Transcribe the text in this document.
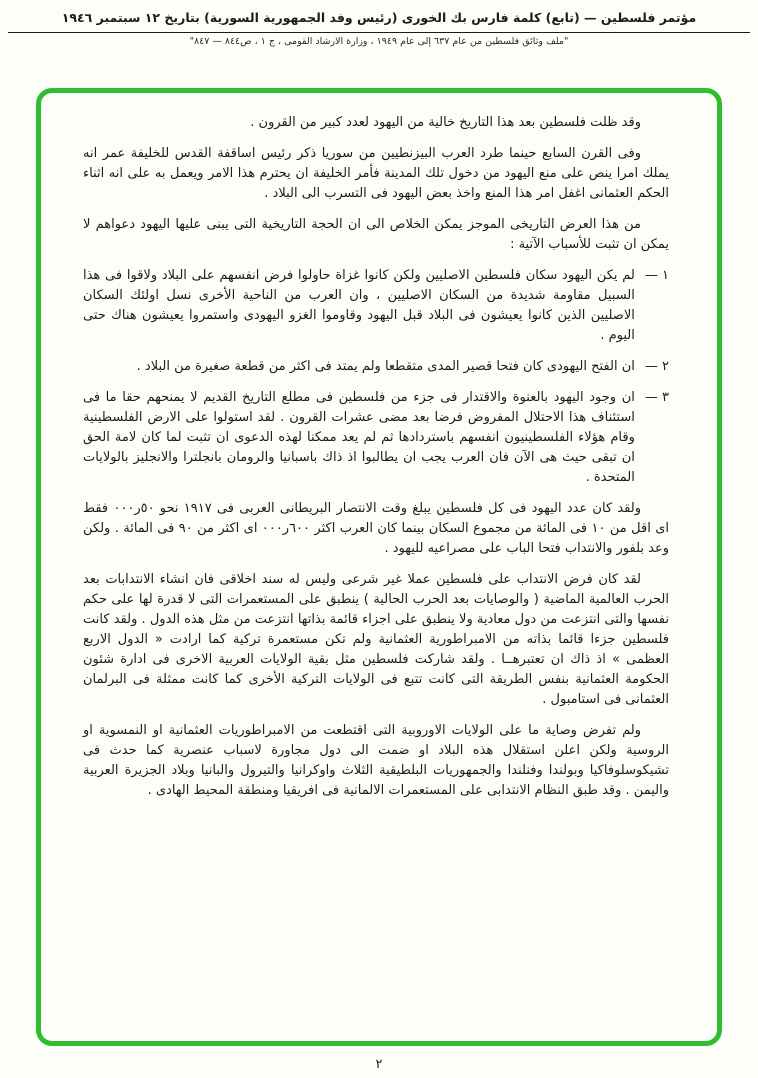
مؤتمر فلسطين — (تابع) كلمة فارس بك الخورى (رئيس وفد الجمهورية السورية) بتاريخ ١٢ سبتمبر ١٩٤٦
"ملف وثائق فلسطين من عام ٦٣٧ إلى عام ١٩٤٩ ، وزارة الارشاد القومى ، ج ١ ، ص٨٤٤ — ٨٤٧"

وقد ظلت فلسطين بعد هذا التاريخ خالية من اليهود لعدد كبير من القرون .

وفى القرن السابع حينما طرد العرب البيزنطيين من سوريا ذكر رئيس اساقفة القدس للخليفة عمر انه يملك امرا ينص على منع اليهود من دخول تلك المدينة فأمر الخليفة ان يحترم هذا الامر ويعمل به على انه اثناء الحكم العثمانى اغفل امر هذا المنع واخذ بعض اليهود فى التسرب الى البلاد .

من هذا العرض التاريخى الموجز يمكن الخلاص الى ان الحجة التاريخية التى يبنى عليها اليهود دعواهم لا يمكن ان تثبت للأسباب الآتية :

١ —
لم يكن اليهود سكان فلسطين الاصليين ولكن كانوا غزاة حاولوا فرض انفسهم على البلاد ولاقوا فى هذا السبيل مقاومة شديدة من السكان الاصليين ، وان العرب من الناحية الأخرى نسل اولئك السكان الاصليين الذين كانوا يعيشون فى البلاد قبل اليهود وقاوموا الغزو اليهودى واستمروا يعيشون هناك حتى اليوم .
٢ —
ان الفتح اليهودى كان فتحا قصير المدى متقطعا ولم يمتد فى اكثر من قطعة صغيرة من البلاد .
٣ —
ان وجود اليهود بالعنوة والاقتدار فى جزء من فلسطين فى مطلع التاريخ القديم لا يمنحهم حقا ما فى استئناف هذا الاحتلال المفروض فرضا بعد مضى عشرات القرون . لقد استولوا على الارض الفلسطينية وقام هؤلاء الفلسطينيون انفسهم باستردادها ثم لم يعد ممكنا لهذه الدعوى ان تثبت لما كان لامة الحق ان تبقى حيث هى الآن فان العرب يجب ان يطالبوا اذ ذاك باسبانيا والرومان بانجلترا والانجليز بالولايات المتحدة .

ولقد كان عدد اليهود فى كل فلسطين يبلغ وقت الانتصار البريطانى العربى فى ١٩١٧ نحو ٥٠ر٠٠٠ فقط اى اقل من ١٠ فى المائة من مجموع السكان بينما كان العرب اكثر ٦٠٠ر٠٠٠ اى اكثر من ٩٠ فى المائة . ولكن وعد بلفور والانتداب فتحا الباب على مصراعيه لليهود .

لقد كان فرض الانتداب على فلسطين عملا غير شرعى وليس له سند اخلاقى فان انشاء الانتدابات بعد الحرب العالمية الماضية ( والوصايات بعد الحرب الحالية ) ينطبق على المستعمرات التى لا قدرة لها على حكم نفسها والتى انتزعت من دول معادية ولا ينطبق على اجزاء قائمة بذاتها انتزعت من مثل هذه الدول . ولقد كانت فلسطين جزءا قائما بذاته من الامبراطورية العثمانية ولم تكن مستعمرة تركية كما ارادت « الدول الاربع العظمى » اذ ذاك ان تعتبرهــا . ولقد شاركت فلسطين مثل بقية الولايات العربية الاخرى فى ادارة شئون الحكومة العثمانية بنفس الطريقة التى كانت تتبع فى الولايات التركية الأخرى كما كانت ممثلة فى البرلمان العثمانى فى استامبول .

ولم تفرض وصاية ما على الولايات الاوروبية التى اقتطعت من الامبراطوريات العثمانية او النمسوية او الروسية ولكن اعلن استقلال هذه البلاد او ضمت الى دول مجاورة لاسباب عنصرية كما حدث فى تشيكوسلوفاكيا وبولندا وفنلندا والجمهوريات البلطيقية الثلاث واوكرانيا والتيرول والبانيا وبلاد الجزيرة العربية واليمن . وقد طبق النظام الانتدابى على المستعمرات الالمانية فى افريقيا ومنطقة المحيط الهادى .

٢
